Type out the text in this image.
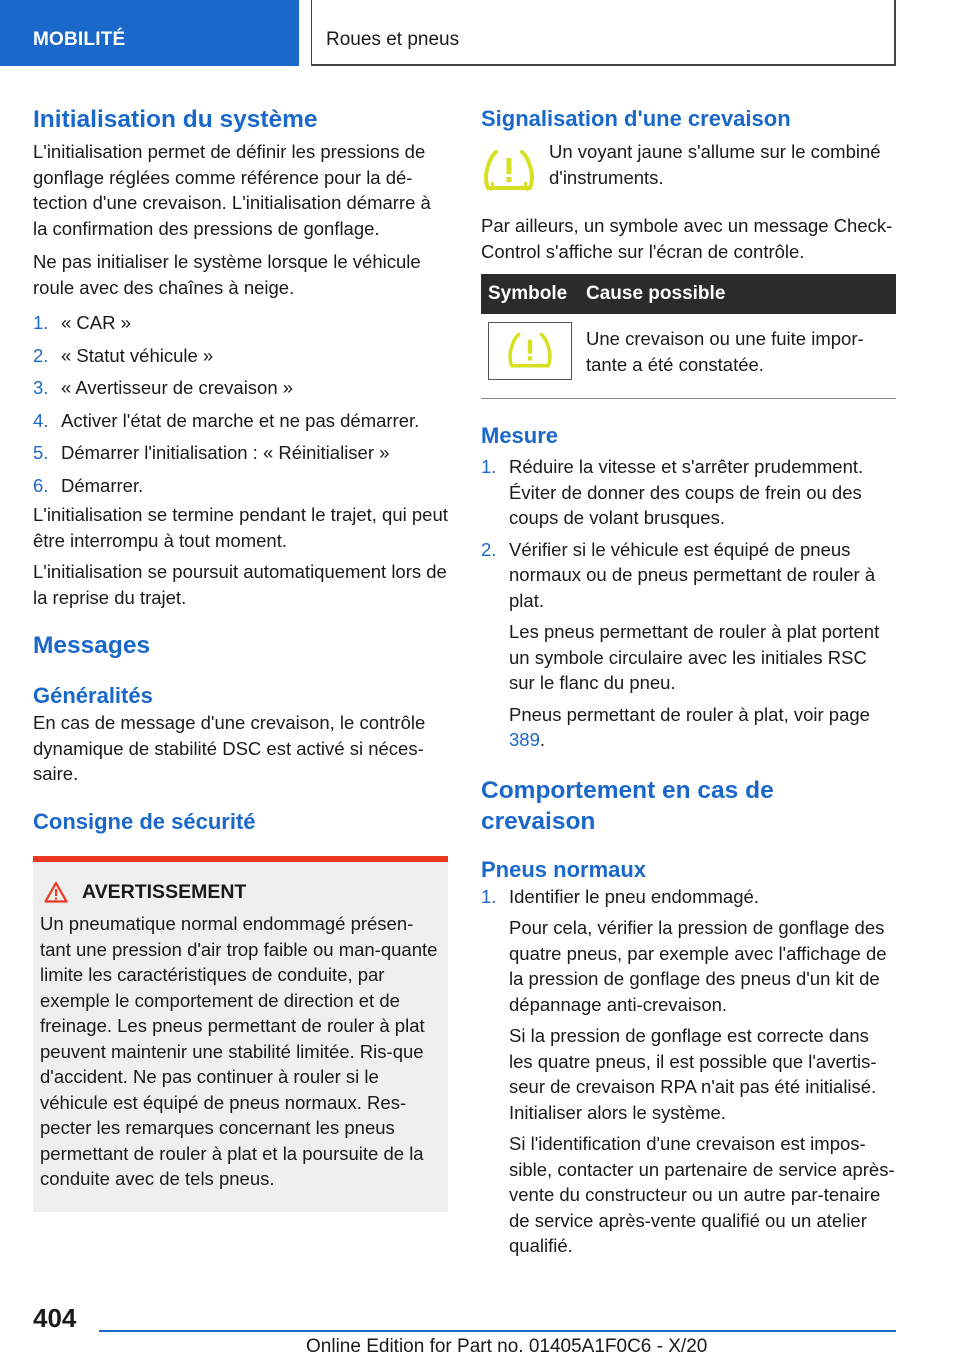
MOBILITÉ	Roues et pneus
Initialisation du système

L'initialisation permet de définir les pressions de gonflage réglées comme référence pour la dé-tection d'une crevaison. L'initialisation démarre à la confirmation des pressions de gonflage.

Ne pas initialiser le système lorsque le véhicule roule avec des chaînes à neige.

1. « CAR »
2. « Statut véhicule »
3. « Avertisseur de crevaison »
4. Activer l'état de marche et ne pas démarrer.
5. Démarrer l'initialisation : « Réinitialiser »
6. Démarrer.

L'initialisation se termine pendant le trajet, qui peut être interrompu à tout moment.

L'initialisation se poursuit automatiquement lors de la reprise du trajet.

Messages
Généralités

En cas de message d'une crevaison, le contrôle dynamique de stabilité DSC est activé si néces-saire.

Consigne de sécurité
AVERTISSEMENT

Un pneumatique normal endommagé présen-tant une pression d'air trop faible ou man-quante limite les caractéristiques de conduite, par exemple le comportement de direction et de freinage. Les pneus permettant de rouler à plat peuvent maintenir une stabilité limitée. Ris-que d'accident. Ne pas continuer à rouler si le véhicule est équipé de pneus normaux. Res-pecter les remarques concernant les pneus permettant de rouler à plat et la poursuite de la conduite avec de tels pneus.

Signalisation d'une crevaison

Un voyant jaune s'allume sur le combiné d'instruments.

Par ailleurs, un symbole avec un message Check-Control s'affiche sur l'écran de contrôle.

Symbole	Cause possible

	Une crevaison ou une fuite impor-tante a été constatée.
Mesure
1. Réduire la vitesse et s'arrêter prudemment. Éviter de donner des coups de frein ou des coups de volant brusques.

2. Vérifier si le véhicule est équipé de pneus normaux ou de pneus permettant de rouler à plat.

Les pneus permettant de rouler à plat portent un symbole circulaire avec les initiales RSC sur le flanc du pneu.

Pneus permettant de rouler à plat, voir page 389.

Comportement en cas de crevaison
Pneus normaux
1. Identifier le pneu endommagé.

Pour cela, vérifier la pression de gonflage des quatre pneus, par exemple avec l'affichage de la pression de gonflage des pneus d'un kit de dépannage anti-crevaison.

Si la pression de gonflage est correcte dans les quatre pneus, il est possible que l'avertis-seur de crevaison RPA n'ait pas été initialisé. Initialiser alors le système.

Si l'identification d'une crevaison est impos-sible, contacter un partenaire de service après-vente du constructeur ou un autre par-tenaire de service après-vente qualifié ou un atelier qualifié.

404
Online Edition for Part no. 01405A1F0C6 - X/20
